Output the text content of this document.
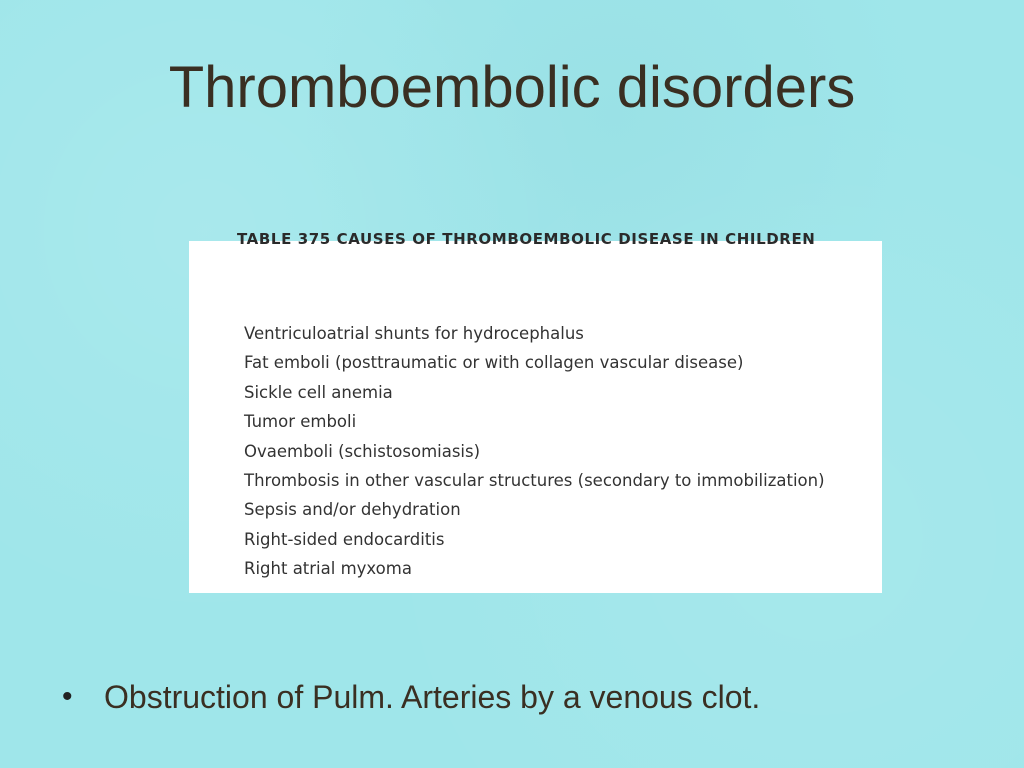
Thromboembolic disorders

TABLE 375 CAUSES OF THROMBOEMBOLIC DISEASE IN CHILDREN

Ventriculoatrial shunts for hydrocephalus
Fat emboli (posttraumatic or with collagen vascular disease)
Sickle cell anemia
Tumor emboli
Ovaemboli (schistosomiasis)
Thrombosis in other vascular structures (secondary to immobilization)
Sepsis and/or dehydration
Right-sided endocarditis
Right atrial myxoma
• Obstruction of Pulm. Arteries by a venous clot.
